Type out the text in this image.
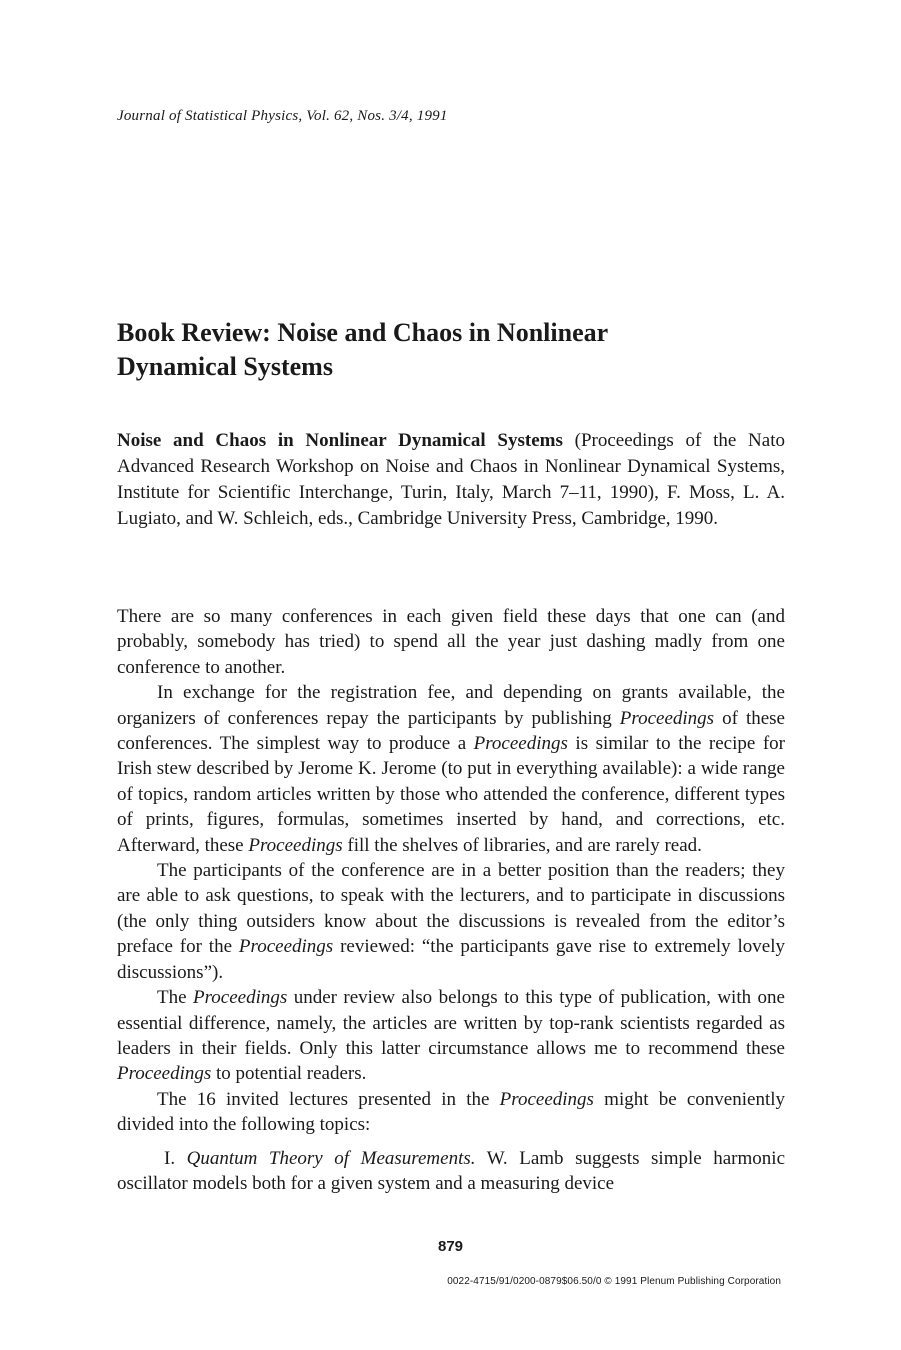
Journal of Statistical Physics, Vol. 62, Nos. 3/4, 1991
Book Review: Noise and Chaos in Nonlinear
Dynamical Systems

Noise and Chaos in Nonlinear Dynamical Systems (Proceedings of the Nato Advanced Research Workshop on Noise and Chaos in Nonlinear Dynamical Systems, Institute for Scientific Interchange, Turin, Italy, March 7–11, 1990), F. Moss, L. A. Lugiato, and W. Schleich, eds., Cambridge University Press, Cambridge, 1990.

There are so many conferences in each given field these days that one can (and probably, somebody has tried) to spend all the year just dashing madly from one conference to another.

In exchange for the registration fee, and depending on grants available, the organizers of conferences repay the participants by publishing Proceedings of these conferences. The simplest way to produce a Proceedings is similar to the recipe for Irish stew described by Jerome K. Jerome (to put in everything available): a wide range of topics, random articles written by those who attended the conference, different types of prints, figures, formulas, sometimes inserted by hand, and corrections, etc. Afterward, these Proceedings fill the shelves of libraries, and are rarely read.

The participants of the conference are in a better position than the readers; they are able to ask questions, to speak with the lecturers, and to participate in discussions (the only thing outsiders know about the discussions is revealed from the editor’s preface for the Proceedings reviewed: “the participants gave rise to extremely lovely discussions”).

The Proceedings under review also belongs to this type of publication, with one essential difference, namely, the articles are written by top-rank scientists regarded as leaders in their fields. Only this latter circumstance allows me to recommend these Proceedings to potential readers.

The 16 invited lectures presented in the Proceedings might be conveniently divided into the following topics:

I. Quantum Theory of Measurements. W. Lamb suggests simple harmonic oscillator models both for a given system and a measuring device

879
0022-4715/91/0200-0879$06.50/0 © 1991 Plenum Publishing Corporation
